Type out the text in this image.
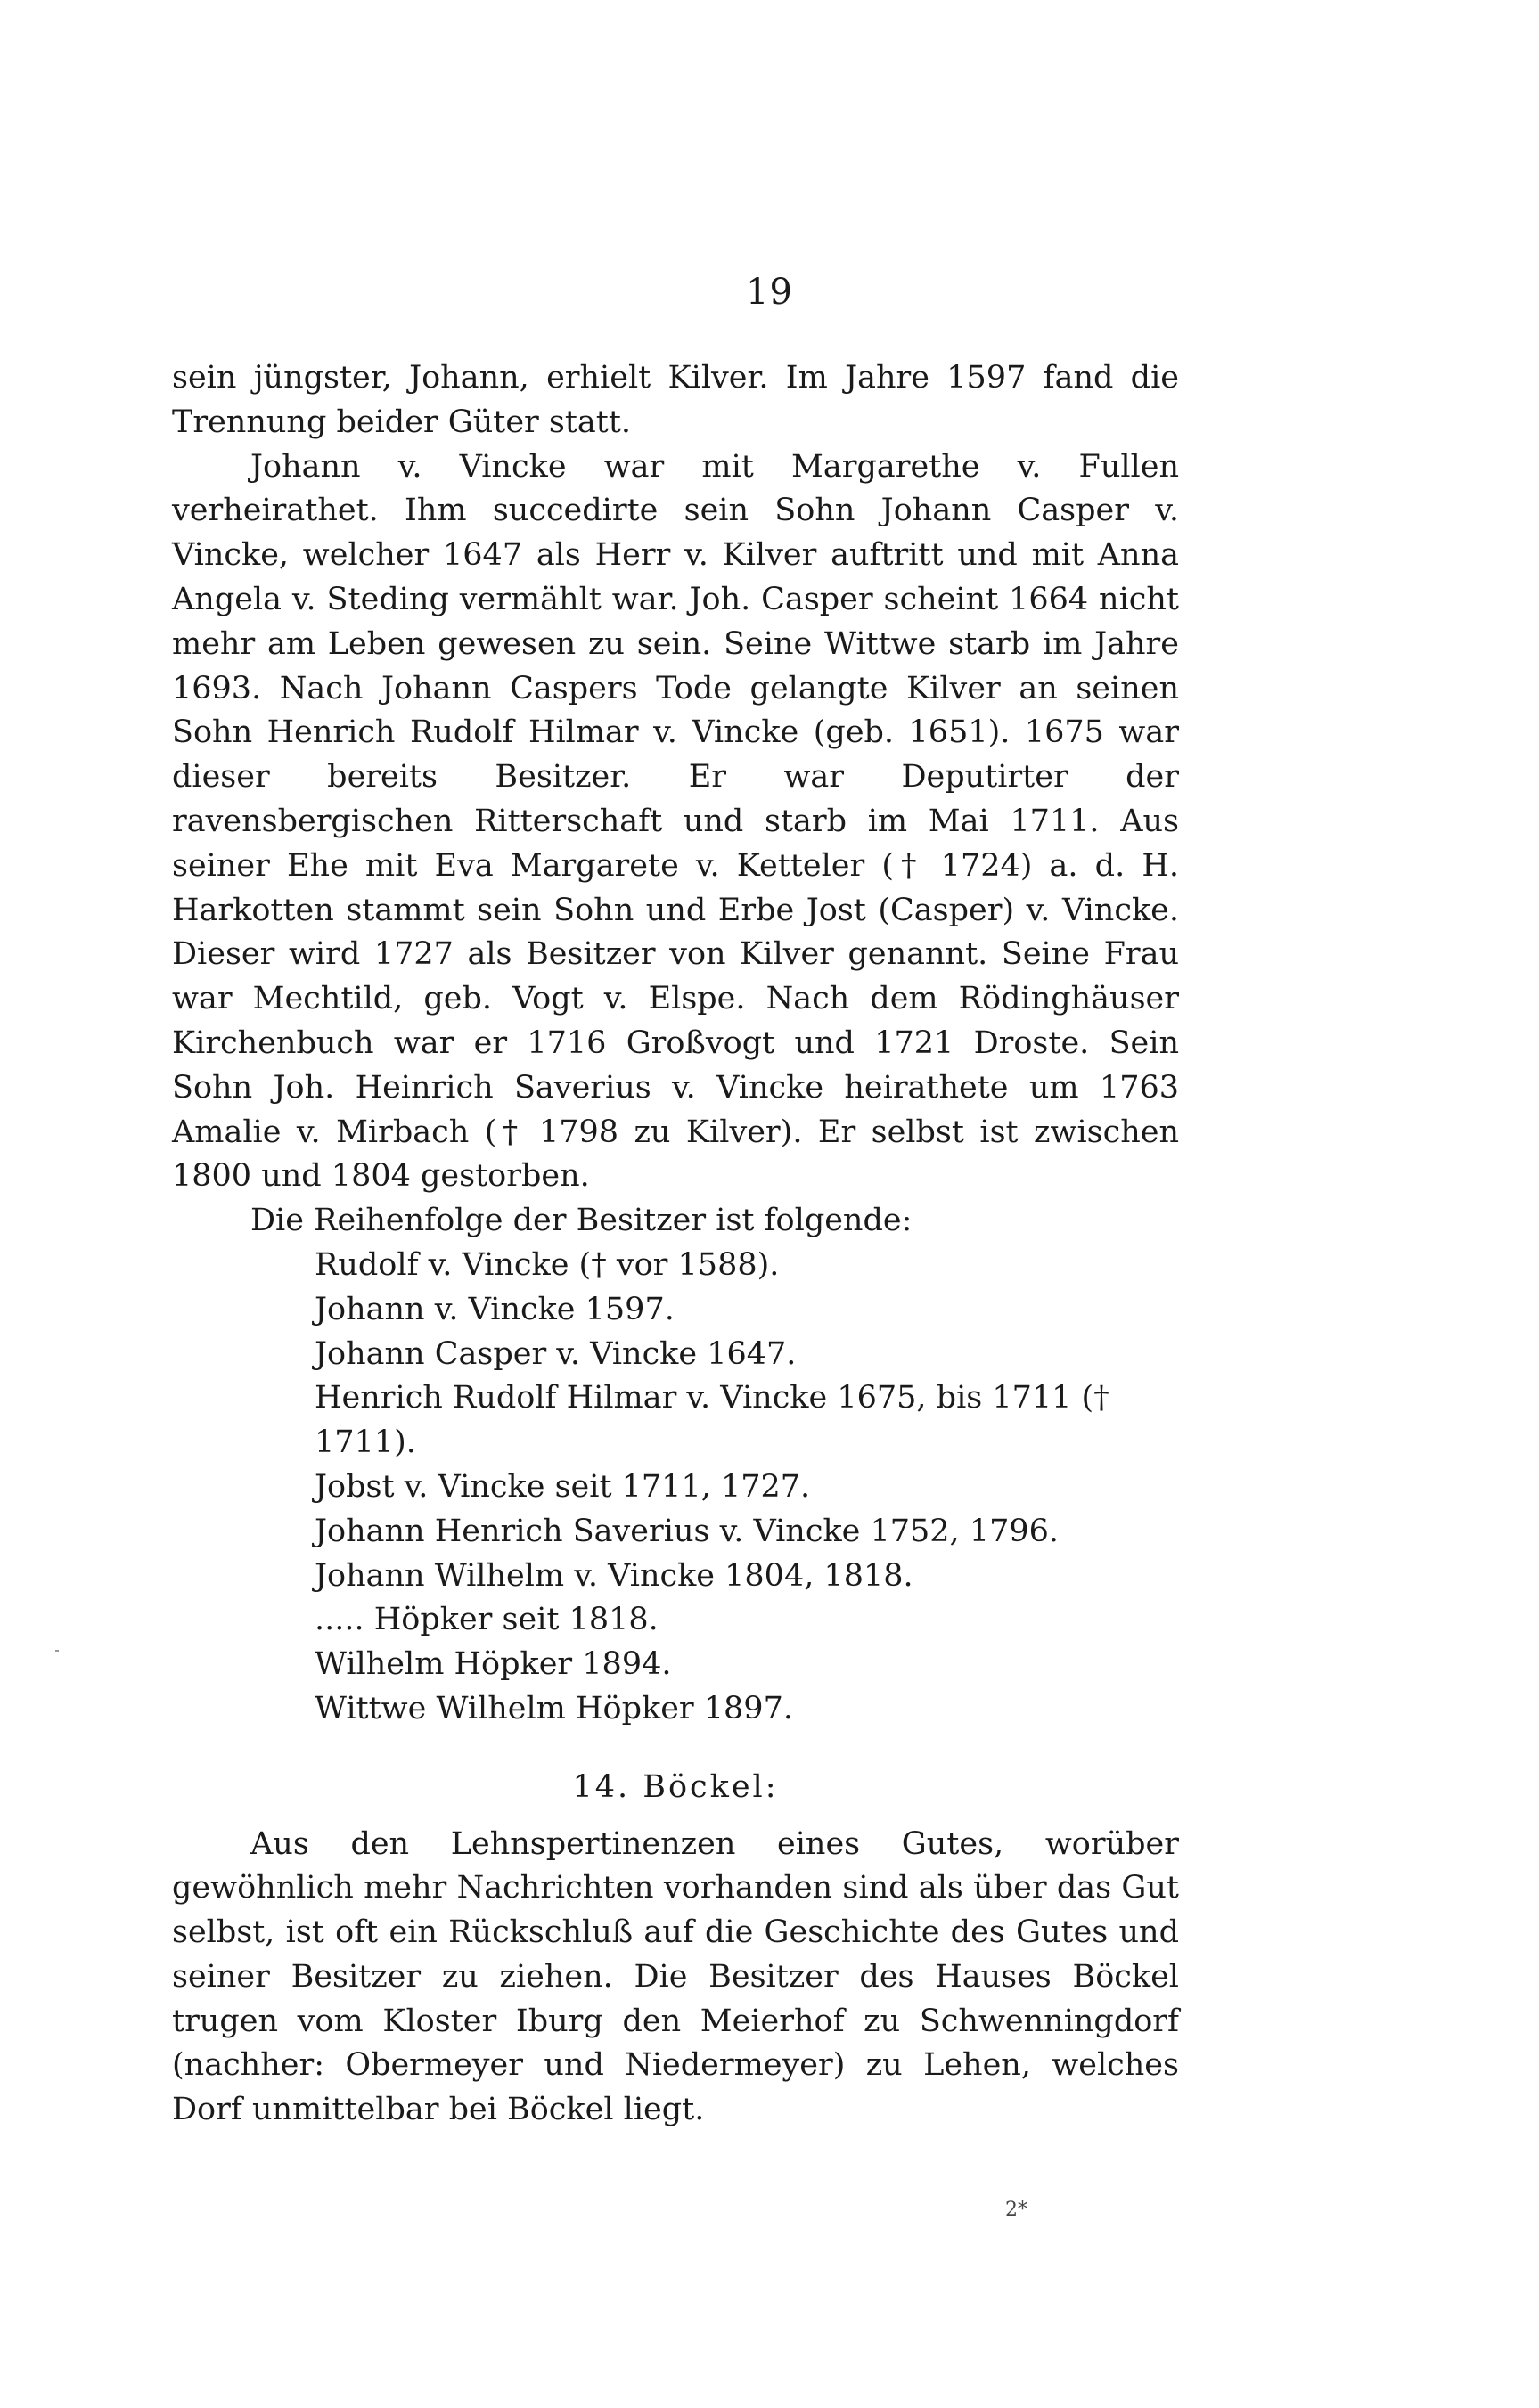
19

sein jüngster, Johann, erhielt Kilver. Im Jahre 1597 fand die Trennung beider Güter statt.

Johann v. Vincke war mit Margarethe v. Fullen verheirathet. Ihm succedirte sein Sohn Johann Casper v. Vincke, welcher 1647 als Herr v. Kilver auftritt und mit Anna Angela v. Steding vermählt war. Joh. Casper scheint 1664 nicht mehr am Leben gewesen zu sein. Seine Wittwe starb im Jahre 1693. Nach Johann Caspers Tode gelangte Kilver an seinen Sohn Henrich Rudolf Hilmar v. Vincke (geb. 1651). 1675 war dieser bereits Besitzer. Er war Deputirter der ravensbergischen Ritterschaft und starb im Mai 1711. Aus seiner Ehe mit Eva Margarete v. Ketteler († 1724) a. d. H. Harkotten stammt sein Sohn und Erbe Jost (Casper) v. Vincke. Dieser wird 1727 als Besitzer von Kilver genannt. Seine Frau war Mechtild, geb. Vogt v. Elspe. Nach dem Rödinghäuser Kirchenbuch war er 1716 Großvogt und 1721 Droste. Sein Sohn Joh. Heinrich Saverius v. Vincke heirathete um 1763 Amalie v. Mirbach († 1798 zu Kilver). Er selbst ist zwischen 1800 und 1804 gestorben.

Die Reihenfolge der Besitzer ist folgende:

Rudolf v. Vincke († vor 1588).
Johann v. Vincke 1597.
Johann Casper v. Vincke 1647.
Henrich Rudolf Hilmar v. Vincke 1675, bis 1711 († 1711).
Jobst v. Vincke seit 1711, 1727.
Johann Henrich Saverius v. Vincke 1752, 1796.
Johann Wilhelm v. Vincke 1804, 1818.
..... Höpker seit 1818.
Wilhelm Höpker 1894.
Wittwe Wilhelm Höpker 1897.
14. Böckel:

Aus den Lehnspertinenzen eines Gutes, worüber gewöhnlich mehr Nachrichten vorhanden sind als über das Gut selbst, ist oft ein Rückschluß auf die Geschichte des Gutes und seiner Besitzer zu ziehen. Die Besitzer des Hauses Böckel trugen vom Kloster Iburg den Meierhof zu Schwenningdorf (nachher: Obermeyer und Niedermeyer) zu Lehen, welches Dorf unmittelbar bei Böckel liegt.

2*
